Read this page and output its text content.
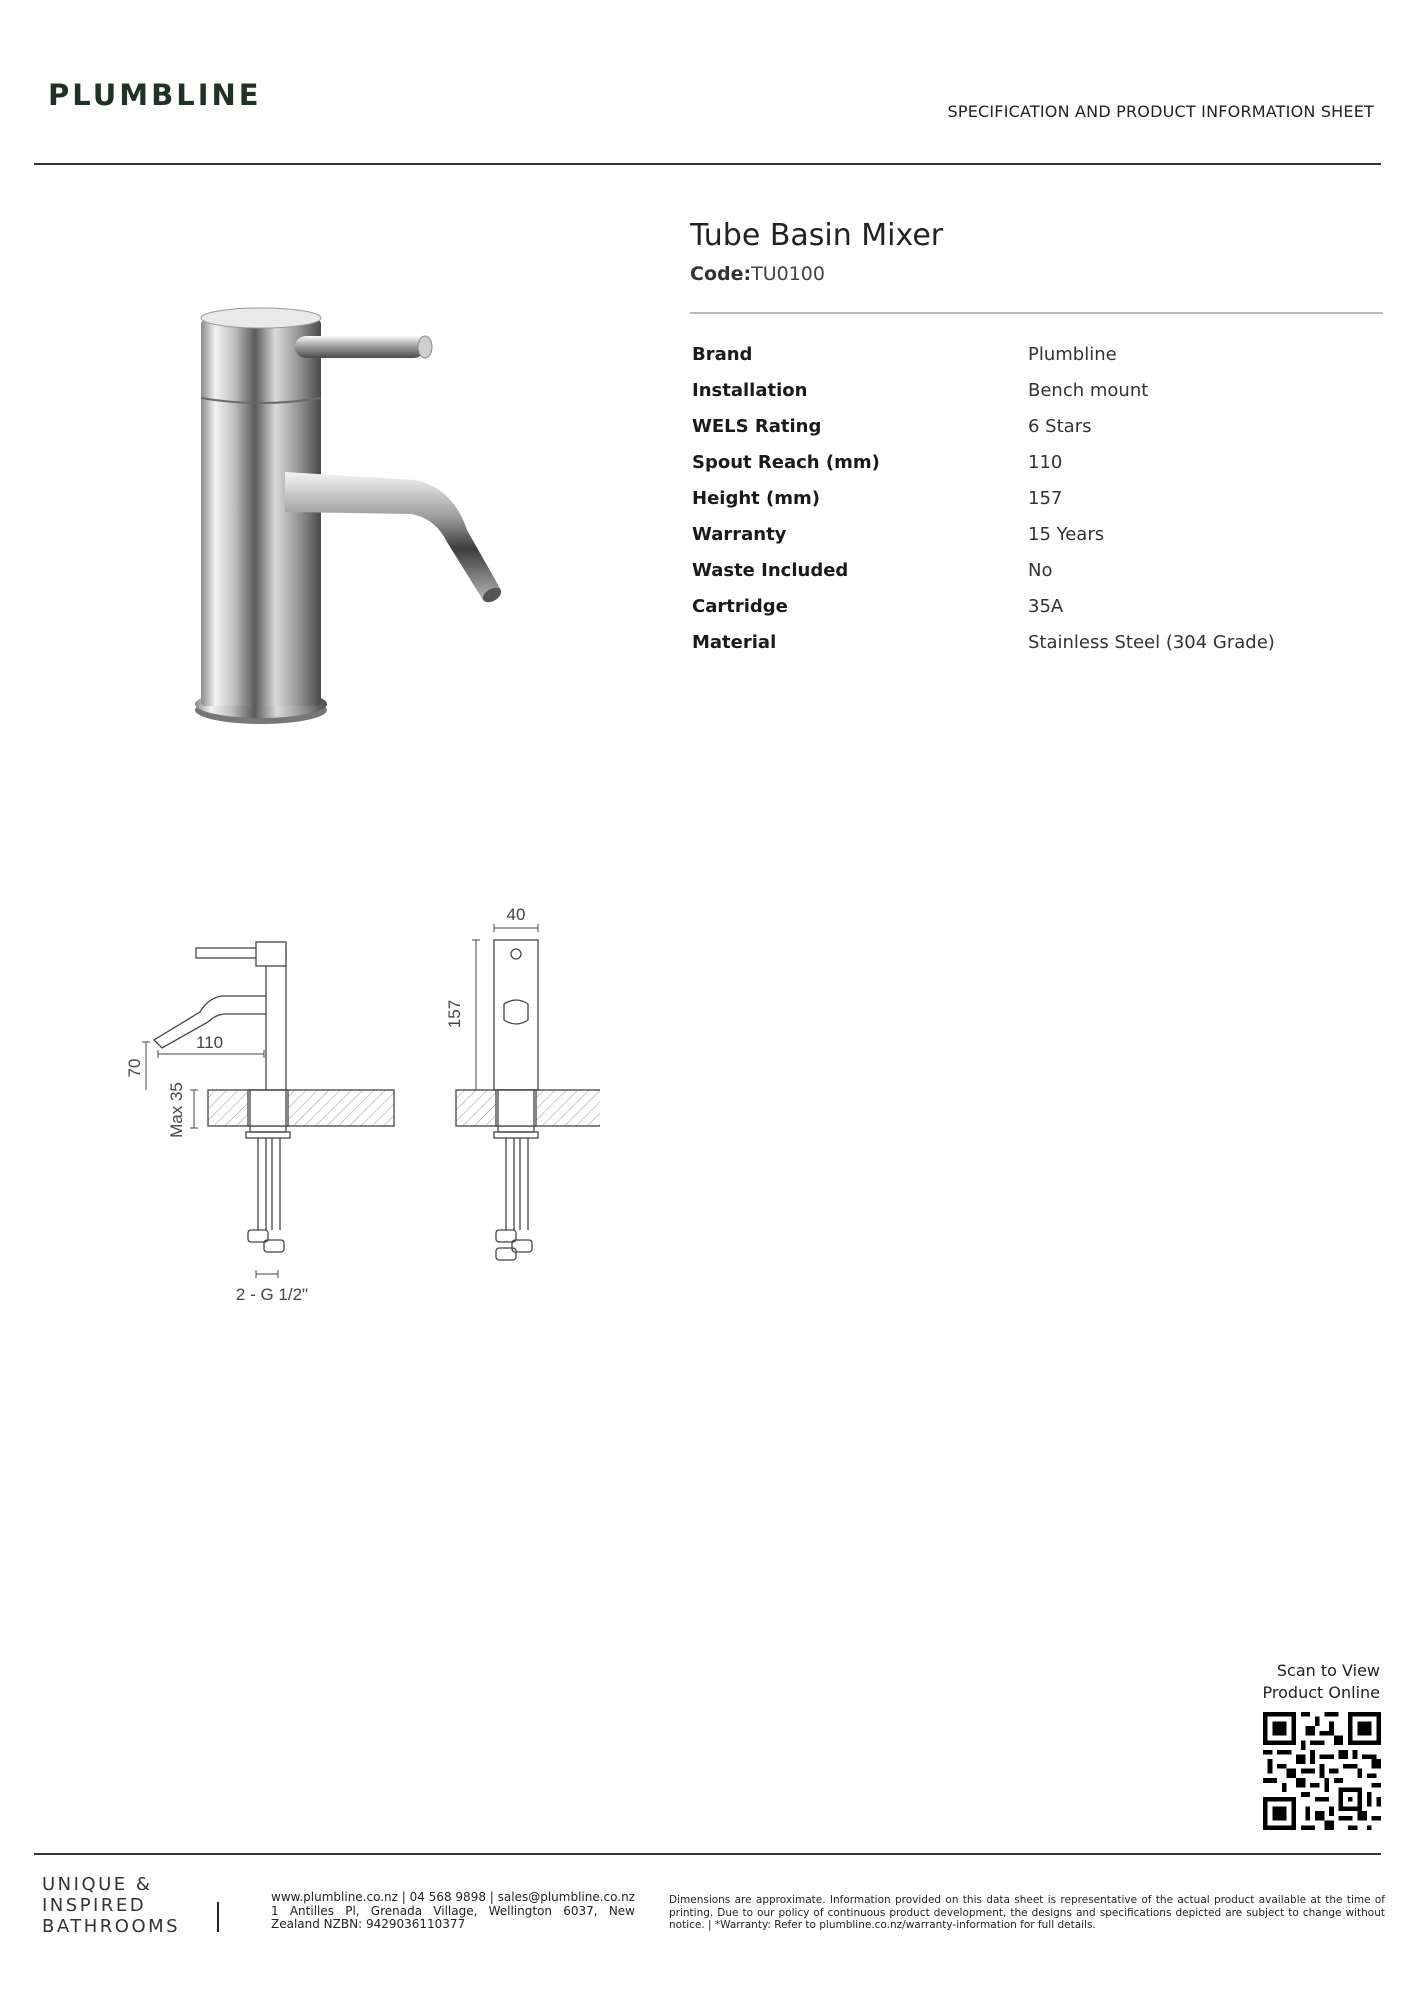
PLUMBLINE	SPECIFICATION AND PRODUCT INFORMATION SHEET
110
70
Max 35
2 - G 1/2"
40
157
Tube Basin Mixer
Code:TU0100
Brand	Plumbline
Installation	Bench mount
WELS Rating	6 Stars
Spout Reach (mm)	110
Height (mm)	157
Warranty	15 Years
Waste Included	No
Cartridge	35A
Material	Stainless Steel (304 Grade)
Scan to View
Product Online
UNIQUE &
INSPIRED
BATHROOMS
www.plumbline.co.nz | 04 568 9898 | sales@plumbline.co.nz 1 Antilles Pl, Grenada Village, Wellington 6037, New Zealand NZBN: 9429036110377
Dimensions are approximate. Information provided on this data sheet is representative of the actual product available at the time of printing. Due to our policy of continuous product development, the designs and specifications depicted are subject to change without notice. | *Warranty: Refer to plumbline.co.nz/warranty-information for full details.
